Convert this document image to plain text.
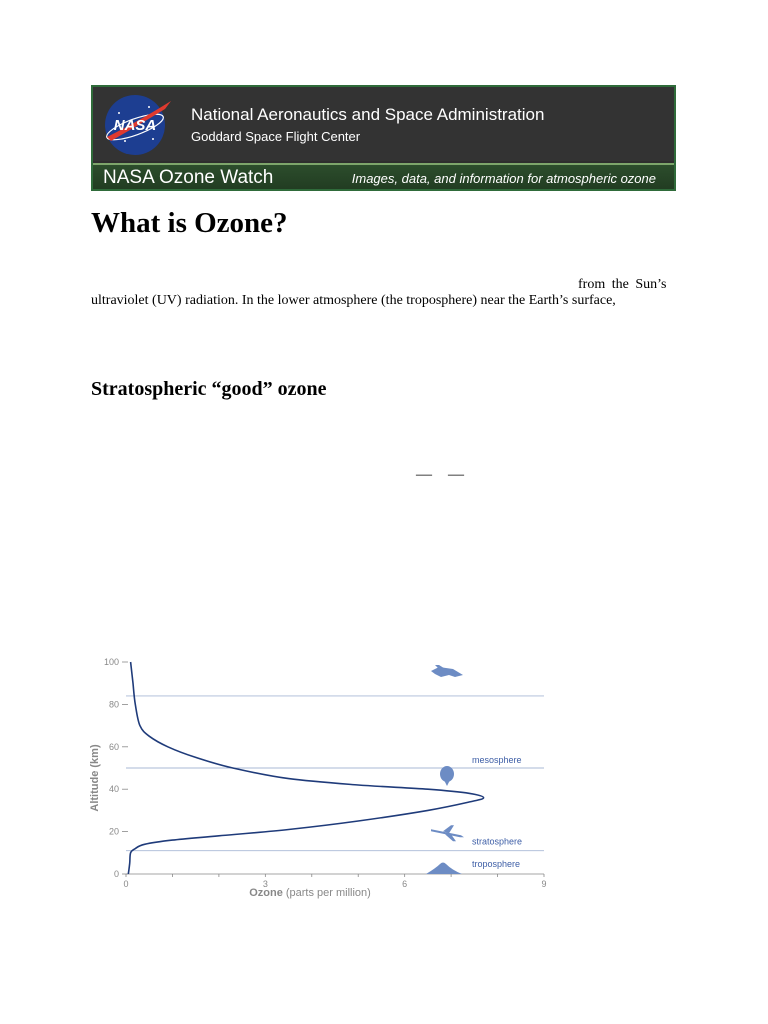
NASA
National Aeronautics and Space Administration
Goddard Space Flight Center
NASA Ozone Watch	Images, data, and information for atmospheric ozone
What is Ozone?
from the Sun’s
ultraviolet (UV) radiation. In the lower atmosphere (the troposphere) near the Earth’s surface,
Stratospheric “good” ozone
— —
0
20
40
60
80
100
0	3	6	9
mesosphere
stratosphere
troposphere
Altitude (km)
Ozone (parts per million)
